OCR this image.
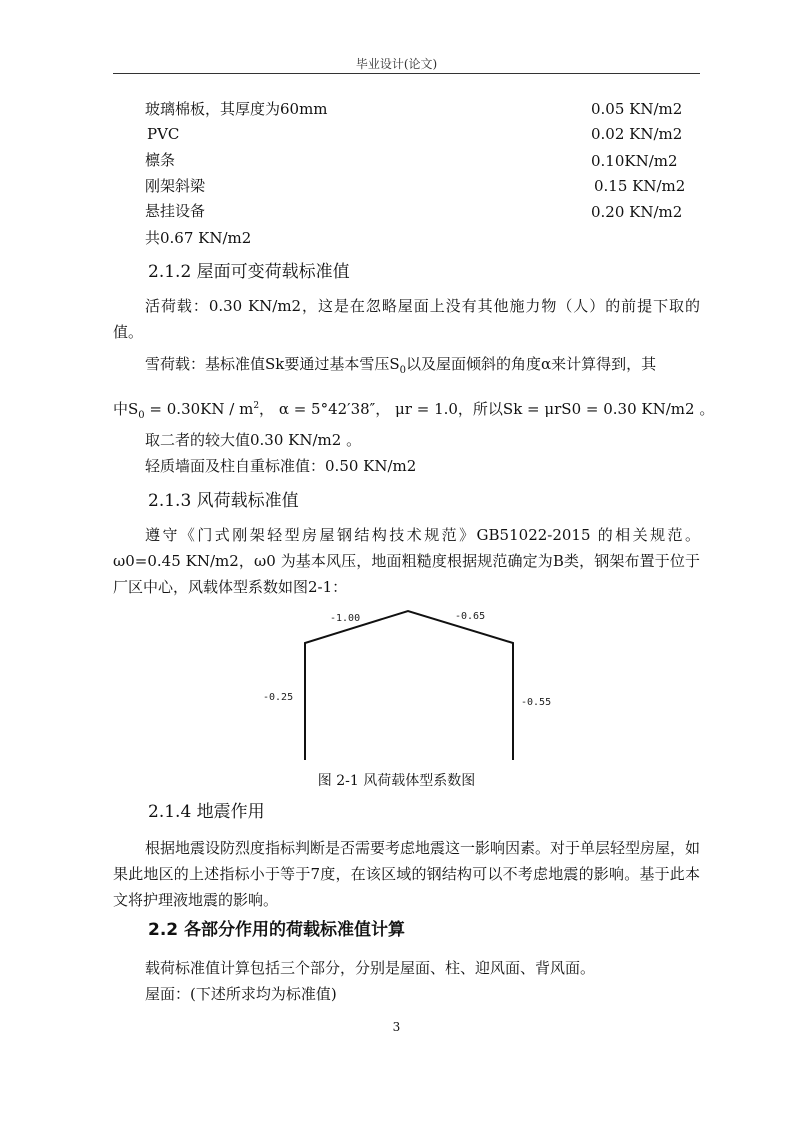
毕业设计(论文)
玻璃棉板，其厚度为60mm	0.05 KN/m2
PVC	0.02 KN/m2
檩条	0.10KN/m2
刚架斜梁	0.15 KN/m2
悬挂设备	0.20 KN/m2
共0.67 KN/m2
2.1.2 屋面可变荷载标准值
活荷载：0.30 KN/m2，这是在忽略屋面上没有其他施力物（人）的前提下取的值。
雪荷载：基标准值Sk要通过基本雪压$S_0$以及屋面倾斜的角度α来计算得到，其
中$S_0 = 0.30KN / m^2$， α = 5°42′38″， μr = 1.0，所以Sk = μrS0 = 0.30 KN/m2 。
取二者的较大值0.30 KN/m2 。
轻质墙面及柱自重标准值：0.50 KN/m2
2.1.3 风荷载标准值
遵守《门式刚架轻型房屋钢结构技术规范》GB51022-2015 的相关规范。ω0=0.45 KN/m2，ω0 为基本风压，地面粗糙度根据规范确定为B类，钢架布置于位于厂区中心，风载体型系数如图2-1：
-1.00	-0.65
-0.25	-0.55
图 2-1 风荷载体型系数图
2.1.4 地震作用
根据地震设防烈度指标判断是否需要考虑地震这一影响因素。对于单层轻型房屋，如果此地区的上述指标小于等于7度，在该区域的钢结构可以不考虑地震的影响。基于此本文将护理液地震的影响。
2.2 各部分作用的荷载标准值计算
载荷标准值计算包括三个部分，分别是屋面、柱、迎风面、背风面。
屋面：(下述所求均为标准值)
3
